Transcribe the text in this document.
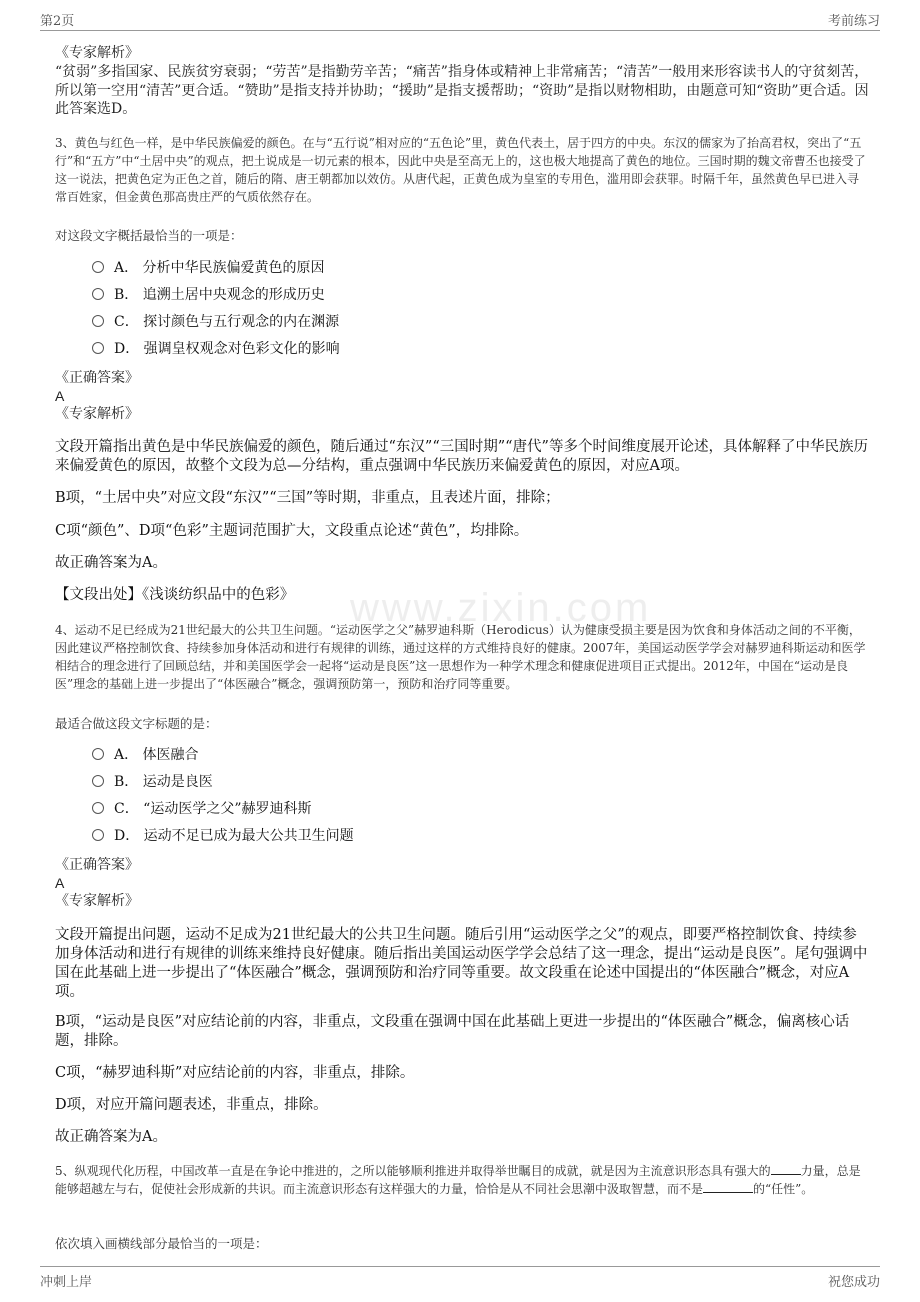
第2页	考前练习
www.zixin.com
《专家解析》
“贫弱”多指国家、民族贫穷衰弱；“劳苦”是指勤劳辛苦；“痛苦”指身体或精神上非常痛苦；“清苦”一般用来形容读书人的守贫刻苦，所以第一空用“清苦”更合适。“赞助”是指支持并协助；“援助”是指支援帮助；“资助”是指以财物相助，由题意可知“资助”更合适。因此答案选D。
3、黄色与红色一样，是中华民族偏爱的颜色。在与“五行说”相对应的“五色论”里，黄色代表土，居于四方的中央。东汉的儒家为了抬高君权，突出了“五行”和“五方”中“土居中央”的观点，把土说成是一切元素的根本，因此中央是至高无上的，这也极大地提高了黄色的地位。三国时期的魏文帝曹丕也接受了这一说法，把黄色定为正色之首，随后的隋、唐王朝都加以效仿。从唐代起，正黄色成为皇室的专用色，滥用即会获罪。时隔千年，虽然黄色早已进入寻常百姓家，但金黄色那高贵庄严的气质依然存在。
对这段文字概括最恰当的一项是：
A． 分析中华民族偏爱黄色的原因
B． 追溯土居中央观念的形成历史
C． 探讨颜色与五行观念的内在渊源
D． 强调皇权观念对色彩文化的影响
《正确答案》
A
《专家解析》
文段开篇指出黄色是中华民族偏爱的颜色，随后通过“东汉”“三国时期”“唐代”等多个时间维度展开论述，具体解释了中华民族历来偏爱黄色的原因，故整个文段为总—分结构，重点强调中华民族历来偏爱黄色的原因，对应A项。
B项，“土居中央”对应文段“东汉”“三国”等时期，非重点，且表述片面，排除；
C项“颜色”、D项“色彩”主题词范围扩大，文段重点论述“黄色”，均排除。
故正确答案为A。
【文段出处】《浅谈纺织品中的色彩》
4、运动不足已经成为21世纪最大的公共卫生问题。“运动医学之父”赫罗迪科斯（Herodicus）认为健康受损主要是因为饮食和身体活动之间的不平衡，因此建议严格控制饮食、持续参加身体活动和进行有规律的训练，通过这样的方式维持良好的健康。2007年，美国运动医学学会对赫罗迪科斯运动和医学相结合的理念进行了回顾总结，并和美国医学会一起将“运动是良医”这一思想作为一种学术理念和健康促进项目正式提出。2012年，中国在“运动是良医”理念的基础上进一步提出了“体医融合”概念，强调预防第一，预防和治疗同等重要。
最适合做这段文字标题的是：
A． 体医融合
B． 运动是良医
C． “运动医学之父”赫罗迪科斯
D． 运动不足已成为最大公共卫生问题
《正确答案》
A
《专家解析》
文段开篇提出问题，运动不足成为21世纪最大的公共卫生问题。随后引用“运动医学之父”的观点，即要严格控制饮食、持续参加身体活动和进行有规律的训练来维持良好健康。随后指出美国运动医学学会总结了这一理念，提出“运动是良医”。尾句强调中国在此基础上进一步提出了“体医融合”概念，强调预防和治疗同等重要。故文段重在论述中国提出的“体医融合”概念，对应A项。
B项，“运动是良医”对应结论前的内容，非重点，文段重在强调中国在此基础上更进一步提出的“体医融合”概念，偏离核心话题，排除。
C项，“赫罗迪科斯”对应结论前的内容，非重点，排除。
D项，对应开篇问题表述，非重点，排除。
故正确答案为A。
5、纵观现代化历程，中国改革一直是在争论中推进的，之所以能够顺利推进并取得举世瞩目的成就，就是因为主流意识形态具有强大的	力量，总是能够超越左与右，促使社会形成新的共识。而主流意识形态有这样强大的力量，恰恰是从不同社会思潮中汲取智慧，而不是	的“任性”。
依次填入画横线部分最恰当的一项是：
冲刺上岸	祝您成功
